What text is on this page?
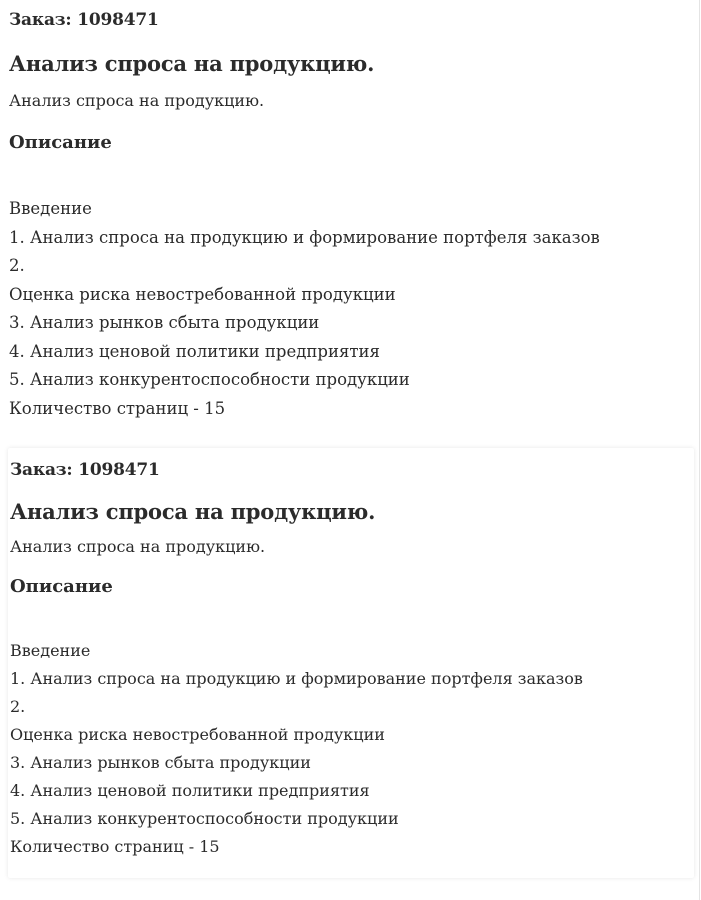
Заказ: 1098471
Анализ спроса на продукцию.
Анализ спроса на продукцию.
Описание
Введение
1. Анализ спроса на продукцию и формирование портфеля заказов
2.
Оценка риска невостребованной продукции
3. Анализ рынков сбыта продукции
4. Анализ ценовой политики предприятия
5. Анализ конкурентоспособности продукции
Количество страниц - 15
Заказ: 1098471
Анализ спроса на продукцию.
Анализ спроса на продукцию.
Описание
Введение
1. Анализ спроса на продукцию и формирование портфеля заказов
2.
Оценка риска невостребованной продукции
3. Анализ рынков сбыта продукции
4. Анализ ценовой политики предприятия
5. Анализ конкурентоспособности продукции
Количество страниц - 15
